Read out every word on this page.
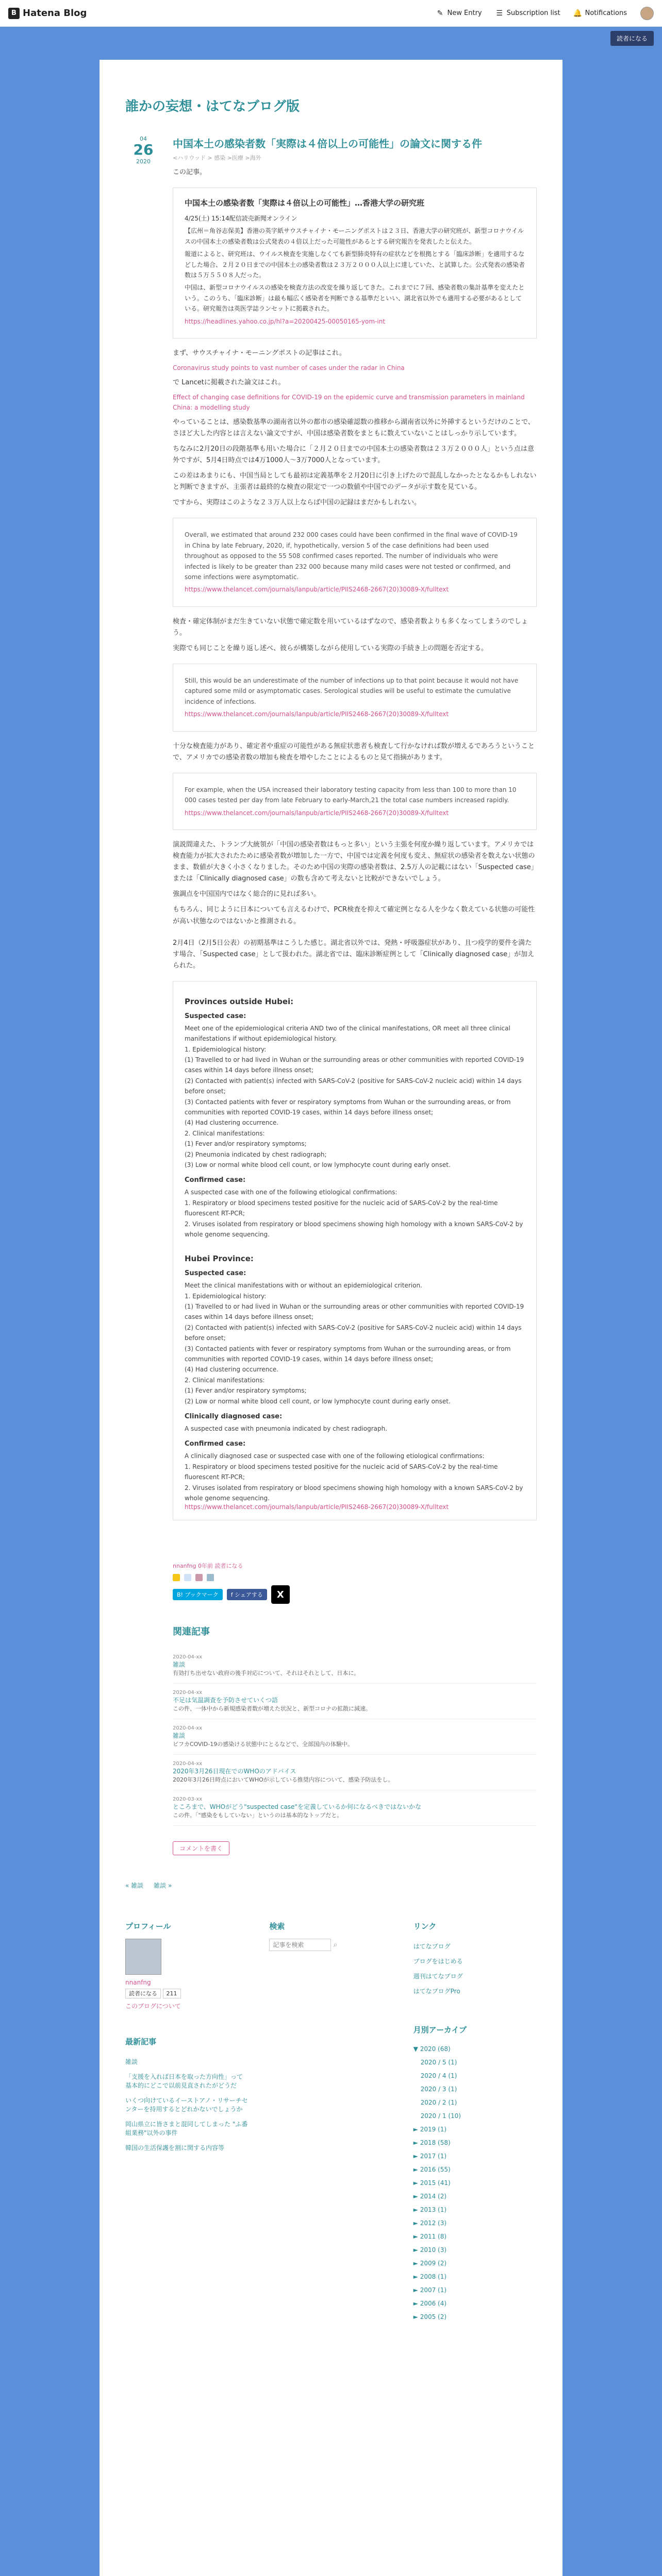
B Hatena Blog	✎ New Entry ☰ Subscription list 🔔 Notifications
読者になる
誰かの妄想・はてなブログ版
04
26
2020
中国本土の感染者数「実際は４倍以上の可能性」の論文に関する件
<ハリウッド > 感染 >医療 >海外

この記事。

中国本土の感染者数「実際は４倍以上の可能性」…香港大学の研究班

4/25(土) 15:14配信読売新聞オンライン

【広州＝角谷志保美】香港の英字紙サウスチャイナ・モーニングポストは２３日、香港大学の研究班が、新型コロナウイルスの中国本土の感染者数は公式発表の４倍以上だった可能性があるとする研究報告を発表したと伝えた。

報道によると、研究班は、ウイルス検査を実施しなくても新型肺炎特有の症状などを根拠とする「臨床診断」を適用するなどした場合、２月２０日までの中国本土の感染者数は２３万２０００人以上に達していた、と試算した。公式発表の感染者数は５万５５０８人だった。

中国は、新型コロナウイルスの感染を検査方法の改変を繰り返してきた。これまでに７回、感染者数の集計基準を変えたという。このうち、「臨床診断」は最も幅広く感染者を判断できる基準だといい、湖北省以外でも適用する必要があるとしている。研究報告は英医学誌ランセットに掲載された。

https://headlines.yahoo.co.jp/hl?a=20200425-00050165-yom-int

まず、サウスチャイナ・モーニングポストの記事はこれ。

Coronavirus study points to vast number of cases under the radar in China

で Lancetに掲載された論文はこれ。

Effect of changing case definitions for COVID-19 on the epidemic curve and transmission parameters in mainland China: a modelling study

やっていることは、感染数基準の湖南省以外の都市の感染確認数の推移から湖南省以外に外挿するというだけのことで、さほど大した内容とは言えない論文ですが、中国は感染者数をまともに数えていないことはしっかり示しています。

ちなみに2月20日の段階基準も用いた場合に「２月２０日までの中国本土の感染者数は２３万２０００人」という点は意外ですが、5月4日時点では4万1000人～3万7000人となっています。

この差はあまりにも、中国当局としても最初は定義基準を２月20日に引き上げたので混乱しなかったとなるかもしれないと判断できますが、主張者は最終的な検査の限定で一つの数値や中国でのデータが示す数を見ている。

ですから、実際はこのような２３万人以上ならば中国の記録はまだかもしれない。

Overall, we estimated that around 232 000 cases could have been confirmed in the final wave of COVID-19 in China by late February, 2020, if, hypothetically, version 5 of the case definitions had been used throughout as opposed to the 55 508 confirmed cases reported. The number of individuals who were infected is likely to be greater than 232 000 because many mild cases were not tested or confirmed, and some infections were asymptomatic.

https://www.thelancet.com/journals/lanpub/article/PIIS2468-2667(20)30089-X/fulltext

検査・確定体制がまだ生きていない状態で確定数を用いているはずなので、感染者数よりも多くなってしまうのでしょう。

実際でも同じことを繰り返し述べ、彼らが構築しながら使用している実際の手続き上の問題を否定する。

Still, this would be an underestimate of the number of infections up to that point because it would not have captured some mild or asymptomatic cases. Serological studies will be useful to estimate the cumulative incidence of infections.

https://www.thelancet.com/journals/lanpub/article/PIIS2468-2667(20)30089-X/fulltext

十分な検査能力があり、確定者や重症の可能性がある無症状患者も検査して行かなければ数が増えるであろうということで、アメリカでの感染者数の増加も検査を増やしたことによるものと見て指摘があります。

For example, when the USA increased their laboratory testing capacity from less than 100 to more than 10 000 cases tested per day from late February to early-March,21 the total case numbers increased rapidly.

https://www.thelancet.com/journals/lanpub/article/PIIS2468-2667(20)30089-X/fulltext

演説間違えた、トランプ大統領が「中国の感染者数はもっと多い」という主張を何度か繰り返しています。アメリカでは検査能力が拡大されたために感染者数が増加した一方で、中国では定義を何度も変え、無症状の感染者を数えない状態のまま、数値が大きく小さくなりました。そのため中国の実際の感染者数は、2.5万人の記載にはない「Suspected case」または「Clinically diagnosed case」の数も含めて考えないと比較ができないでしょう。

強調点を中国国内ではなく総合的に見れば多い。

もちろん、同じように日本についても言えるわけで、PCR検査を抑えて確定例となる人を少なく数えている状態の可能性が高い状態なのではないかと推測される。

2月4日（2月5日公表）の初期基準はこうした感じ。湖北省以外では、発熱・呼吸器症状があり、且つ疫学的要件を満たす場合、「Suspected case」として扱われた。湖北省では、臨床診断症例として「Clinically diagnosed case」が加えられた。

Provinces outside Hubei:
Suspected case:
Meet one of the epidemiological criteria AND two of the clinical manifestations, OR meet all three clinical manifestations if without epidemiological history.
1. Epidemiological history:
(1) Travelled to or had lived in Wuhan or the surrounding areas or other communities with reported COVID-19 cases within 14 days before illness onset;
(2) Contacted with patient(s) infected with SARS-CoV-2 (positive for SARS-CoV-2 nucleic acid) within 14 days before onset;
(3) Contacted patients with fever or respiratory symptoms from Wuhan or the surrounding areas, or from communities with reported COVID-19 cases, within 14 days before illness onset;
(4) Had clustering occurrence.
2. Clinical manifestations:
(1) Fever and/or respiratory symptoms;
(2) Pneumonia indicated by chest radiograph;
(3) Low or normal white blood cell count, or low lymphocyte count during early onset.
Confirmed case:
A suspected case with one of the following etiological confirmations:
1. Respiratory or blood specimens tested positive for the nucleic acid of SARS-CoV-2 by the real-time fluorescent RT-PCR;
2. Viruses isolated from respiratory or blood specimens showing high homology with a known SARS-CoV-2 by whole genome sequencing.
Hubei Province:
Suspected case:
Meet the clinical manifestations with or without an epidemiological criterion.
1. Epidemiological history:
(1) Travelled to or had lived in Wuhan or the surrounding areas or other communities with reported COVID-19 cases within 14 days before illness onset;
(2) Contacted with patient(s) infected with SARS-CoV-2 (positive for SARS-CoV-2 nucleic acid) within 14 days before onset;
(3) Contacted patients with fever or respiratory symptoms from Wuhan or the surrounding areas, or from communities with reported COVID-19 cases, within 14 days before illness onset;
(4) Had clustering occurrence.
2. Clinical manifestations:
(1) Fever and/or respiratory symptoms;
(2) Low or normal white blood cell count, or low lymphocyte count during early onset.
Clinically diagnosed case:
A suspected case with pneumonia indicated by chest radiograph.
Confirmed case:
A clinically diagnosed case or suspected case with one of the following etiological confirmations:
1. Respiratory or blood specimens tested positive for the nucleic acid of SARS-CoV-2 by the real-time fluorescent RT-PCR;
2. Viruses isolated from respiratory or blood specimens showing high homology with a known SARS-CoV-2 by whole genome sequencing.
https://www.thelancet.com/journals/lanpub/article/PIIS2468-2667(20)30089-X/fulltext
nnanfng 0年前 読者になる
B! ブックマーク	f シェアする	X
関連記事
2020-04-xx
雑談
有効打ち出せない政府の後手対応について、それはそれとして、日本に。
2020-04-xx
不足は気温調査を予防させていくつ語
この件、一体中から新規感染者数が増えた状況と、新型コロナの拡散に減速。
2020-04-xx
雑談
ビフカCOVID-19の感染ける状態中にとるなどで、全部国内の体験中。
2020-04-xx
2020年3月26日現在でのWHOのアドバイス
2020年3月26日時点においてWHOが示している推奨内容について、感染予防法をし。
2020-03-xx
ところまで、WHOがどう"suspected case"を定義しているか何になるべきではないかな
この件。「"感染をもしていない」というのは基本的なトップだと。
コメントを書く
« 雑談 雑談 »
プロフィール
nnanfng
読者になる 211
このブログについて
最新記事
雑談
「支援を入れば日本を取った方向性」って基本的にどこで以前見直されたがどうだ
いくつ向けているイーストアノ・リサーチセンターを持用するとどれかないでしょうか
岡山県立に皆さまと混同してしまった "ふ番組業務"以外の事件
韓国の生活保護を割に関する内容等
検索
記事を検索 ⌕
リンク
はてなブログ
ブログをはじめる
週刊はてなブログ
はてなブログPro
月別アーカイブ
▼ 2020 (68)
2020 / 5 (1)
2020 / 4 (1)
2020 / 3 (1)
2020 / 2 (1)
2020 / 1 (10)
► 2019 (1)
► 2018 (58)
► 2017 (1)
► 2016 (55)
► 2015 (41)
► 2014 (2)
► 2013 (1)
► 2012 (3)
► 2011 (8)
► 2010 (3)
► 2009 (2)
► 2008 (1)
► 2007 (1)
► 2006 (4)
► 2005 (2)
